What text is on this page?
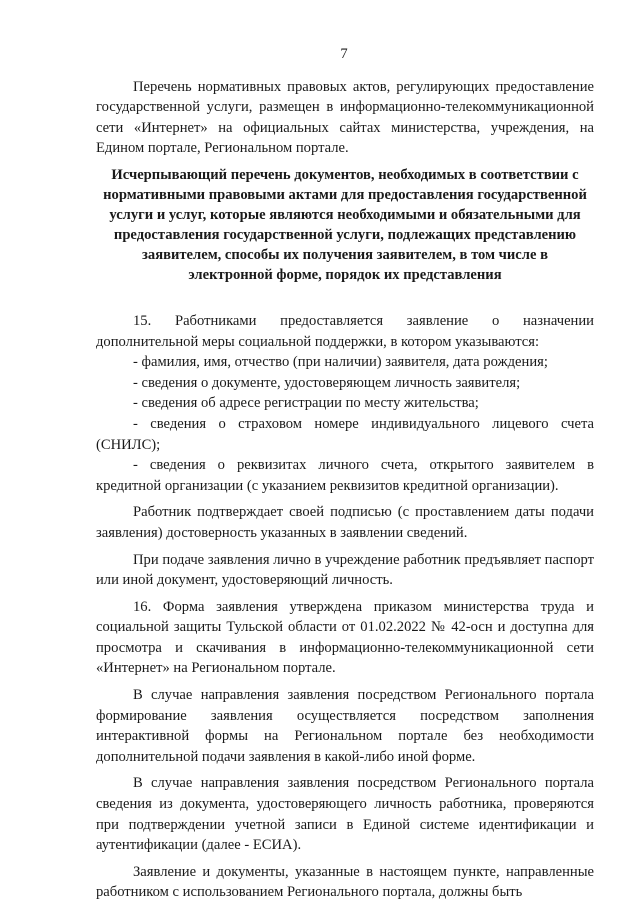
7

Перечень нормативных правовых актов, регулирующих предоставление государственной услуги, размещен в информационно-телекоммуникационной сети «Интернет» на официальных сайтах министерства, учреждения, на Едином портале, Региональном портале.

Исчерпывающий перечень документов, необходимых в соответствии с нормативными правовыми актами для предоставления государственной услуги и услуг, которые являются необходимыми и обязательными для предоставления государственной услуги, подлежащих представлению заявителем, способы их получения заявителем, в том числе в электронной форме, порядок их представления

15. Работниками предоставляется заявление о назначении дополнительной меры социальной поддержки, в котором указываются:

- фамилия, имя, отчество (при наличии) заявителя, дата рождения;

- сведения о документе, удостоверяющем личность заявителя;

- сведения об адресе регистрации по месту жительства;

- сведения о страховом номере индивидуального лицевого счета (СНИЛС);

- сведения о реквизитах личного счета, открытого заявителем в кредитной организации (с указанием реквизитов кредитной организации).

Работник подтверждает своей подписью (с проставлением даты подачи заявления) достоверность указанных в заявлении сведений.

При подаче заявления лично в учреждение работник предъявляет паспорт или иной документ, удостоверяющий личность.

16. Форма заявления утверждена приказом министерства труда и социальной защиты Тульской области от 01.02.2022 № 42-осн и доступна для просмотра и скачивания в информационно-телекоммуникационной сети «Интернет» на Региональном портале.

В случае направления заявления посредством Регионального портала формирование заявления осуществляется посредством заполнения интерактивной формы на Региональном портале без необходимости дополнительной подачи заявления в какой-либо иной форме.

В случае направления заявления посредством Регионального портала сведения из документа, удостоверяющего личность работника, проверяются при подтверждении учетной записи в Единой системе идентификации и аутентификации (далее - ЕСИА).

Заявление и документы, указанные в настоящем пункте, направленные работником с использованием Регионального портала, должны быть
